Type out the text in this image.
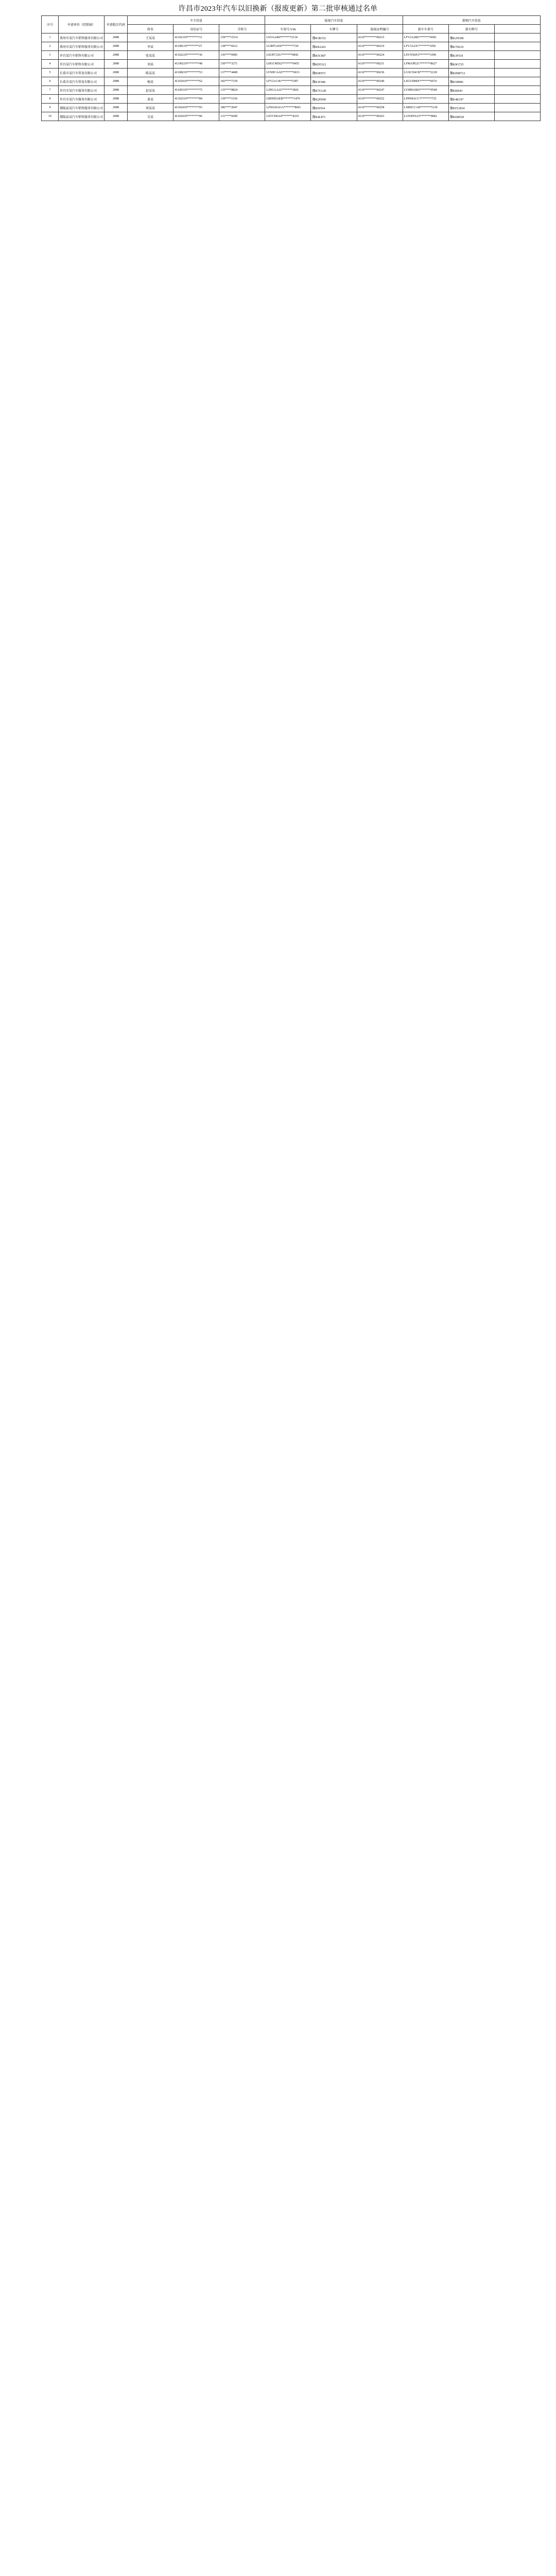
许昌市2023年汽车以旧换新（报废更新）第二批审核通过名单
序号	申请单位（经销商）	申请批次代码	车主信息			报废汽车信息			新购汽车信息		
			姓名	身份证号	手机号	车架号/VIN	车牌号	报废证明编号	新车车架号	新车牌号	
1	禹州市某汽车销售服务有限公司	2088	王某某	41102319********11	159****2314	LSVAA49J*******2134	豫K3B152	4110********00215	LFV2A2BU*******4581	豫K2N368	
2	禹州市某汽车销售服务有限公司	2088	李某	41108119********27	138****6612	LGBF5AE0*******7720	豫K8A261	4110********00219	LFV3A23C*******1056	豫K7D210	
3	许昌某汽车销售有限公司	2088	张某某	41102219********36	136****0985	LSGPC52U*******9842	豫K5C807	4110********00224	LSVNX6F2*******3390	豫K3F519	
4	许昌某汽车销售有限公司	2088	刘某	41100219********48	150****3271	LHGCM562*******0455	豫KD5312	4110********00231	LFMAPE2C*******8627	豫K9G725	
5	长葛市某汽车贸易有限公司	2088	陈某某	41108219********53	137****4408	LVSHCAAE*******6013	豫K6E973	4110********00236	LGXCE4CB*******2218	豫KD08712	
6	长葛市某汽车贸易有限公司	2088	杨某	41102419********62	182****7159	LFV2A11K*******5387	豫K1F446	4110********00240	LSGUD84X*******6674	豫K5H081	
7	许昌市某汽车服务有限公司	2088	赵某某	41100319********75	135****8824	LJDGAA22*******3826	豫K7G128	4110********00247	LVHRS1865*******0549	豫K8J643	
8	许昌市某汽车服务有限公司	2088	黄某	41102519********84	139****1536	LBEHDAEB*******1470	豫K2H590	4110********00252	LFPH4ACC*******7725	豫K4K197	
9	鄢陵县某汽车销售服务有限公司	2088	周某某	41102419********93	186****2047	LZWADAGA*******8691	豫K9J354	4110********00258	LNBSCCAH*******5130	豫KF21834	
10	鄢陵县某汽车销售服务有限公司	2088	吴某	41102419********06	131****6690	LSVCH6A4*******4235	豫K4L871	4110********00263	LGWEF6A5*******9842	豫K6M520	
